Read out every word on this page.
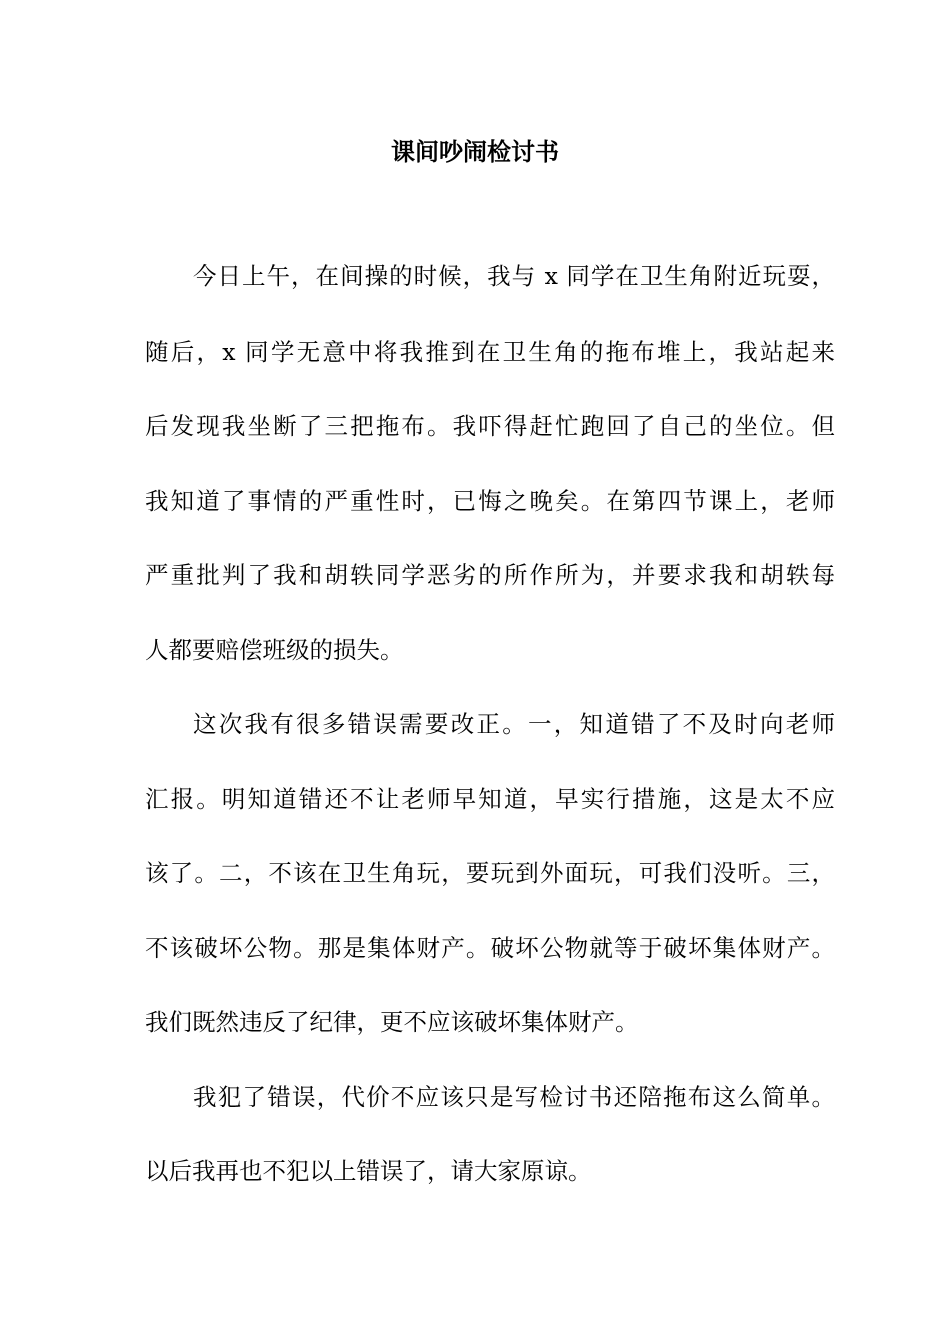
课间吵闹检讨书
今日上午，在间操的时候，我与 x 同学在卫生角附近玩耍，
随后，x 同学无意中将我推到在卫生角的拖布堆上，我站起来
后发现我坐断了三把拖布。我吓得赶忙跑回了自己的坐位。但
我知道了事情的严重性时，已悔之晚矣。在第四节课上，老师
严重批判了我和胡轶同学恶劣的所作所为，并要求我和胡轶每
人都要赔偿班级的损失。
这次我有很多错误需要改正。一，知道错了不及时向老师
汇报。明知道错还不让老师早知道，早实行措施，这是太不应
该了。二，不该在卫生角玩，要玩到外面玩，可我们没听。三，
不该破坏公物。那是集体财产。破坏公物就等于破坏集体财产。
我们既然违反了纪律，更不应该破坏集体财产。
我犯了错误，代价不应该只是写检讨书还陪拖布这么简单。
以后我再也不犯以上错误了，请大家原谅。
